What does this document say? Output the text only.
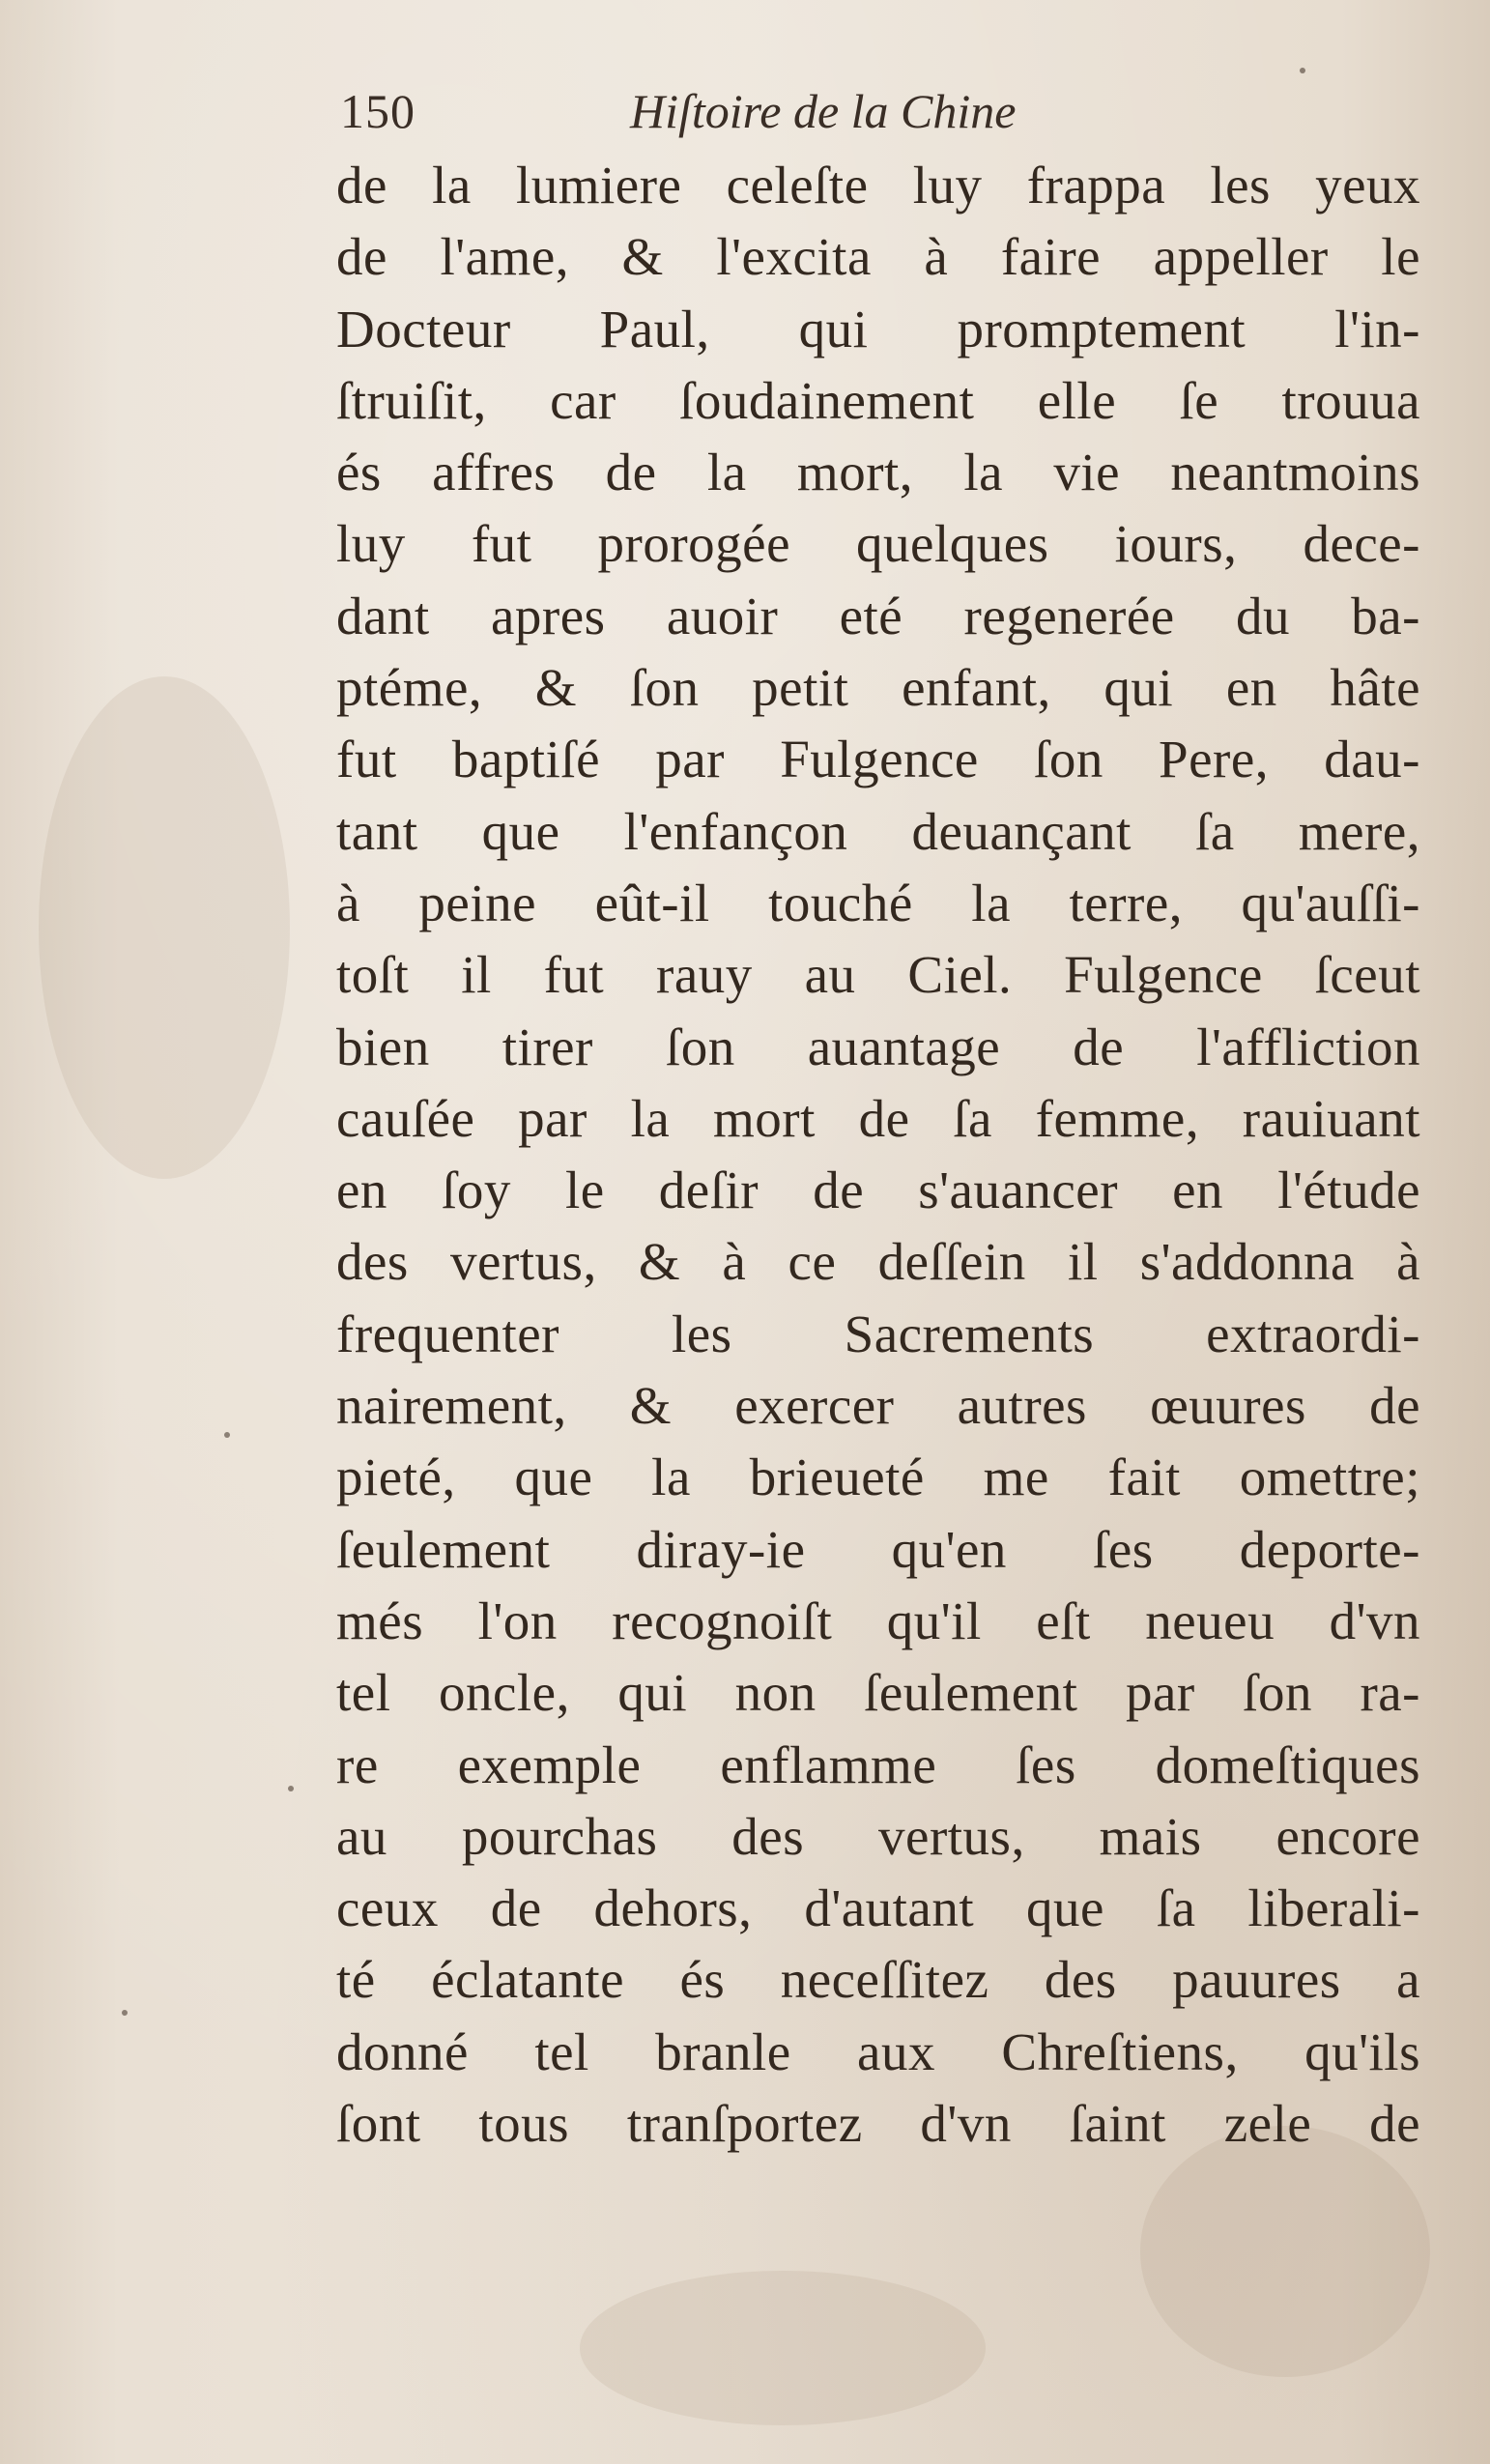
150	Hiſtoire de la Chine
de la lumiere celeſte luy frappa les yeux
de l'ame, & l'excita à faire appeller le
Docteur Paul, qui promptement l'in-
ſtruiſit, car ſoudainement elle ſe trouua
és affres de la mort, la vie neantmoins
luy fut prorogée quelques iours, dece-
dant apres auoir eté regenerée du ba-
ptéme, & ſon petit enfant, qui en hâte
fut baptiſé par Fulgence ſon Pere, dau-
tant que l'enfançon deuançant ſa mere,
à peine eût-il touché la terre, qu'auſſi-
toſt il fut rauy au Ciel. Fulgence ſceut
bien tirer ſon auantage de l'affliction
cauſée par la mort de ſa femme, rauiuant
en ſoy le deſir de s'auancer en l'étude
des vertus, & à ce deſſein il s'addonna à
frequenter les Sacrements extraordi-
nairement, & exercer autres œuures de
pieté, que la brieueté me fait omettre;
ſeulement diray-ie qu'en ſes deporte-
més l'on recognoiſt qu'il eſt neueu d'vn
tel oncle, qui non ſeulement par ſon ra-
re exemple enflamme ſes domeſtiques
au pourchas des vertus, mais encore
ceux de dehors, d'autant que ſa liberali-
té éclatante és neceſſitez des pauures a
donné tel branle aux Chreſtiens, qu'ils
ſont tous tranſportez d'vn ſaint zele de
